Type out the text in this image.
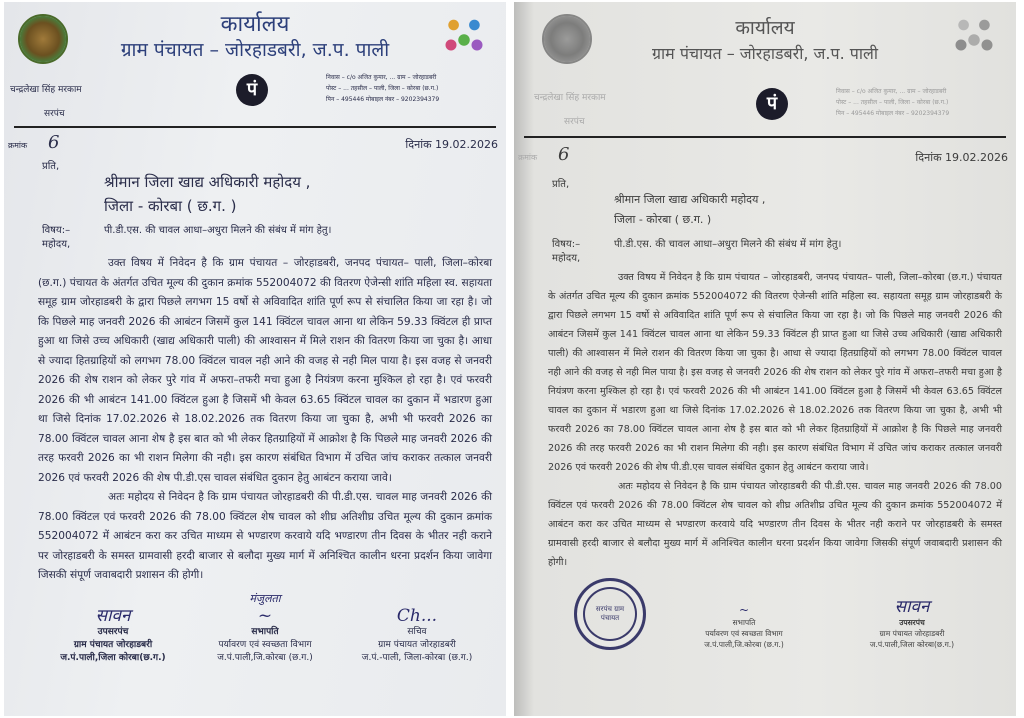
कार्यालय
ग्राम पंचायत – जोरहाडबरी, ज.प. पाली
चन्द्रलेखा सिंह मरकाम
सरपंच
पं
निवास – c/o अजित कुमार, ... ग्राम – जोरहाडबरी
पोस्ट – ... तहसील – पाली, जिला – कोरबा (छ.ग.)
पिन – 495446 मोबाइल नंबर – 9202394379
क्रमांक 6	दिनांक 19.02.2026
प्रति,
श्रीमान जिला खाद्य अधिकारी महोदय ,
जिला - कोरबा ( छ.ग. )
विषय:–	पी.डी.एस. की चावल आधा–अधुरा मिलने की संबंध में मांग हेतु।
महोदय,
उक्त विषय में निवेदन है कि ग्राम पंचायत – जोरहाडबरी, जनपद पंचायत– पाली, जिला–कोरबा (छ.ग.) पंचायत के अंतर्गत उचित मूल्य की दुकान क्रमांक 552004072 की वितरण ऐजेन्सी शांति महिला स्व. सहायता समूह ग्राम जोरहाडबरी के द्वारा पिछले लगभग 15 वर्षो से अविवादित शांति पूर्ण रूप से संचालित किया जा रहा है। जो कि पिछले माह जनवरी 2026 की आबंटन जिसमें कुल 141 क्विंटल चावल आना था लेकिन 59.33 क्विंटल ही प्राप्त हुआ था जिसे उच्च अधिकारी (खाद्य अधिकारी पाली) की आश्वासन में मिले राशन की वितरण किया जा चुका है। आधा से ज्यादा हितग्राहियों को लगभग 78.00 क्विंटल चावल नही आने की वजह से नही मिल पाया है। इस वजह से जनवरी 2026 की शेष राशन को लेकर पुरे गांव में अफरा–तफरी मचा हुआ है नियंत्रण करना मुश्किल हो रहा है। एवं फरवरी 2026 की भी आबंटन 141.00 क्विंटल हुआ है जिसमें भी केवल 63.65 क्विंटल चावल का दुकान में भडारण हुआ था जिसे दिनांक 17.02.2026 से 18.02.2026 तक वितरण किया जा चुका है, अभी भी फरवरी 2026 का 78.00 क्विंटल चावल आना शेष है इस बात को भी लेकर हितग्राहियों में आक्रोश है कि पिछले माह जनवरी 2026 की तरह फरवरी 2026 का भी राशन मिलेगा की नही। इस कारण संबंधित विभाग में उचित जांच कराकर तत्काल जनवरी 2026 एवं फरवरी 2026 की शेष पी.डी.एस चावल संबंधित दुकान हेतु आबंटन कराया जावे।
अतः महोदय से निवेदन है कि ग्राम पंचायत जोरहाडबरी की पी.डी.एस. चावल माह जनवरी 2026 की 78.00 क्विंटल एवं फरवरी 2026 की 78.00 क्विंटल शेष चावल को शीघ्र अतिशीघ्र उचित मूल्य की दुकान क्रमांक 552004072 में आबंटन करा कर उचित माध्यम से भण्डारण करवाये यदि भण्डारण तीन दिवस के भीतर नही कराने पर जोरहाडबरी के समस्त ग्रामवासी हरदी बाजार से बलौदा मुख्य मार्ग में अनिश्चित कालीन धरना प्रदर्शन किया जावेगा जिसकी संपूर्ण जवाबदारी प्रशासन की होगी।
सावन
उपसरपंच
ग्राम पंचायत जोरहाडबरी
ज.पं.पाली,जिला कोरबा(छ.ग.)
मंजुलता
~
सभापति
पर्यावरण एवं स्वच्छता विभाग
ज.पं.पाली,जि.कोरबा (छ.ग.)
Ch...
सचिव
ग्राम पंचायत जोरहाडबरी
ज.पं.-पाली, जिला-कोरबा (छ.ग.)
कार्यालय
ग्राम पंचायत – जोरहाडबरी, ज.प. पाली
चन्द्रलेखा सिंह मरकाम
सरपंच
पं
निवास – c/o अजित कुमार, ... ग्राम – जोरहाडबरी
पोस्ट – ... तहसील – पाली, जिला – कोरबा (छ.ग.)
पिन – 495446 मोबाइल नंबर – 9202394379
क्रमांक 6	दिनांक 19.02.2026
प्रति,
श्रीमान जिला खाद्य अधिकारी महोदय ,
जिला - कोरबा ( छ.ग. )
विषय:–	पी.डी.एस. की चावल आधा–अधुरा मिलने की संबंध में मांग हेतु।
महोदय,
उक्त विषय में निवेदन है कि ग्राम पंचायत – जोरहाडबरी, जनपद पंचायत– पाली, जिला–कोरबा (छ.ग.) पंचायत के अंतर्गत उचित मूल्य की दुकान क्रमांक 552004072 की वितरण ऐजेन्सी शांति महिला स्व. सहायता समूह ग्राम जोरहाडबरी के द्वारा पिछले लगभग 15 वर्षो से अविवादित शांति पूर्ण रूप से संचालित किया जा रहा है। जो कि पिछले माह जनवरी 2026 की आबंटन जिसमें कुल 141 क्विंटल चावल आना था लेकिन 59.33 क्विंटल ही प्राप्त हुआ था जिसे उच्च अधिकारी (खाद्य अधिकारी पाली) की आश्वासन में मिले राशन की वितरण किया जा चुका है। आधा से ज्यादा हितग्राहियों को लगभग 78.00 क्विंटल चावल नही आने की वजह से नही मिल पाया है। इस वजह से जनवरी 2026 की शेष राशन को लेकर पुरे गांव में अफरा–तफरी मचा हुआ है नियंत्रण करना मुश्किल हो रहा है। एवं फरवरी 2026 की भी आबंटन 141.00 क्विंटल हुआ है जिसमें भी केवल 63.65 क्विंटल चावल का दुकान में भडारण हुआ था जिसे दिनांक 17.02.2026 से 18.02.2026 तक वितरण किया जा चुका है, अभी भी फरवरी 2026 का 78.00 क्विंटल चावल आना शेष है इस बात को भी लेकर हितग्राहियों में आक्रोश है कि पिछले माह जनवरी 2026 की तरह फरवरी 2026 का भी राशन मिलेगा की नही। इस कारण संबंधित विभाग में उचित जांच कराकर तत्काल जनवरी 2026 एवं फरवरी 2026 की शेष पी.डी.एस चावल संबंधित दुकान हेतु आबंटन कराया जावे।
अतः महोदय से निवेदन है कि ग्राम पंचायत जोरहाडबरी की पी.डी.एस. चावल माह जनवरी 2026 की 78.00 क्विंटल एवं फरवरी 2026 की 78.00 क्विंटल शेष चावल को शीघ्र अतिशीघ्र उचित मूल्य की दुकान क्रमांक 552004072 में आबंटन करा कर उचित माध्यम से भण्डारण करवाये यदि भण्डारण तीन दिवस के भीतर नही कराने पर जोरहाडबरी के समस्त ग्रामवासी हरदी बाजार से बलौदा मुख्य मार्ग में अनिश्चित कालीन धरना प्रदर्शन किया जावेगा जिसकी संपूर्ण जवाबदारी प्रशासन की होगी।
सरपंच ग्राम पंचायत
~
सभापति
पर्यावरण एवं स्वच्छता विभाग
ज.पं.पाली,जि.कोरबा (छ.ग.)
सावन
उपसरपंच
ग्राम पंचायत जोरहाडबरी
ज.पं.पाली,जिला कोरबा(छ.ग.)
